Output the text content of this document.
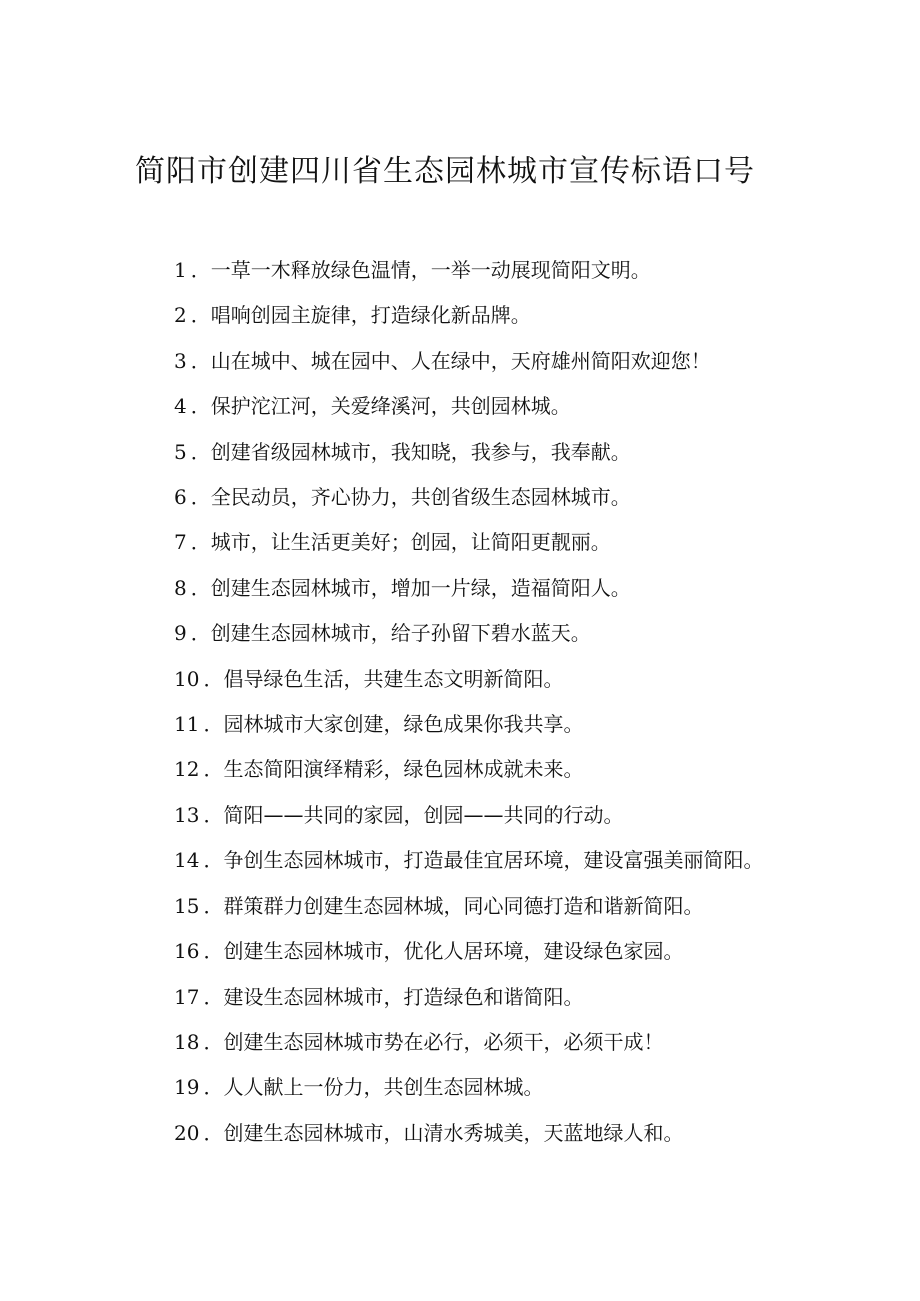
简阳市创建四川省生态园林城市宣传标语口号
1 ．一草一木释放绿色温情，一举一动展现简阳文明。
2 ．唱响创园主旋律，打造绿化新品牌。
3 ．山在城中、城在园中、人在绿中，天府雄州简阳欢迎您！
4 ．保护沱江河，关爱绛溪河，共创园林城。
5 ．创建省级园林城市，我知晓，我参与，我奉献。
6 ．全民动员，齐心协力，共创省级生态园林城市。
7 ．城市，让生活更美好；创园，让简阳更靓丽。
8 ．创建生态园林城市，增加一片绿，造福简阳人。
9 ．创建生态园林城市，给子孙留下碧水蓝天。
10 ．倡导绿色生活，共建生态文明新简阳。
11 ．园林城市大家创建，绿色成果你我共享。
12 ．生态简阳演绎精彩，绿色园林成就未来。
13 ．简阳——共同的家园，创园——共同的行动。
14 ．争创生态园林城市，打造最佳宜居环境，建设富强美丽简阳。
15 ．群策群力创建生态园林城，同心同德打造和谐新简阳。
16 ．创建生态园林城市，优化人居环境，建设绿色家园。
17 ．建设生态园林城市，打造绿色和谐简阳。
18 ．创建生态园林城市势在必行，必须干，必须干成！
19 ．人人献上一份力，共创生态园林城。
20 ．创建生态园林城市，山清水秀城美，天蓝地绿人和。
